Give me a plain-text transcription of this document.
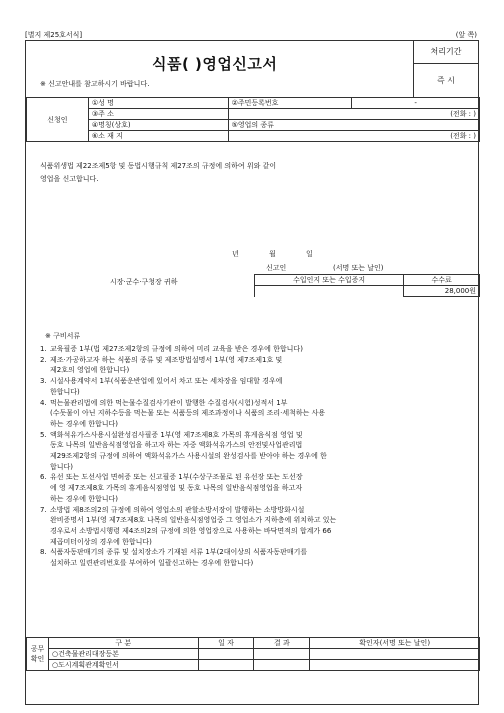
[별지 제25호서식]	(앞 쪽)
식품( )영업신고서
※ 신고안내를 참고하시기 바랍니다.
처리기간
즉 시
신청인	①성 명	②주민등록번호	-
	③주 소	(전화 : )	
	④명칭(상호)	⑤영업의 종류	
	⑥소 재 지	(전화 : )	
식품위생법 제22조제5항 및 동법시행규칙 제27조의 규정에 의하여 위와 같이
영업을 신고합니다.
년	월	일
신고인	(서명 또는 날인)
시장·군수·구청장 귀하	수입인지 또는 수입증지	수수료
	28,000원
※ 구비서류
1. 교육필증 1부(법 제27조제2항의 규정에 의하여 미리 교육을 받은 경우에 한합니다)
2. 제조·가공하고자 하는 식품의 종류 및 제조방법설명서 1부(영 제7조제1호 및
제2호의 영업에 한합니다)
3. 시설사용계약서 1부(식품운반업에 있어서 차고 또는 세차장을 임대할 경우에
한합니다)
4. 먹는물관리법에 의한 먹는물수질검사기관이 발행한 수질검사(시험)성적서 1부
(수돗물이 아닌 지하수등을 먹는물 또는 식품등의 제조과정이나 식품의 조리·세척하는 사용
하는 경우에 한합니다)
5. 액화석유가스사용시설완성검사필증 1부(영 제7조제8호 가목의 휴게음식점 영업 및
동호 나목의 일반음식점영업을 하고자 하는 자중 액화석유가스의 안전및사업관리법
제29조제2항의 규정에 의하여 액화석유가스 사용시설의 완성검사를 받아야 하는 경우에 한
합니다)
6. 유선 또는 도선사업 면허증 또는 신고필증 1부(수상구조물로 된 유선장 또는 도선장
에 영 제7조제8호 가목의 휴게음식점영업 및 동호 나목의 일반음식점영업을 하고자
하는 경우에 한합니다)
7. 소방법 제8조의2의 규정에 의하여 영업소의 관할소방서장이 발행하는 소방방화시설
완비증명서 1부(영 제7조제8호 나목의 일반음식점영업중 그 영업소가 지하층에 위치하고 있는
경우로서 소방법시행령 제4조의2의 규정에 의한 영업장으로 사용하는 바닥면적의 합계가 66
제곱미터이상의 경우에 한합니다)
8. 식품자동판매기의 종류 및 설치장소가 기재된 서류 1부(2대이상의 식품자동판매기를
설치하고 일련관리번호를 부여하여 일괄신고하는 경우에 한합니다)
공무 확인	구 분	일 자	결 과	확인자(서명 또는 날인)
	○건축물관리대장등본			
	○도시계획관계확인서			
